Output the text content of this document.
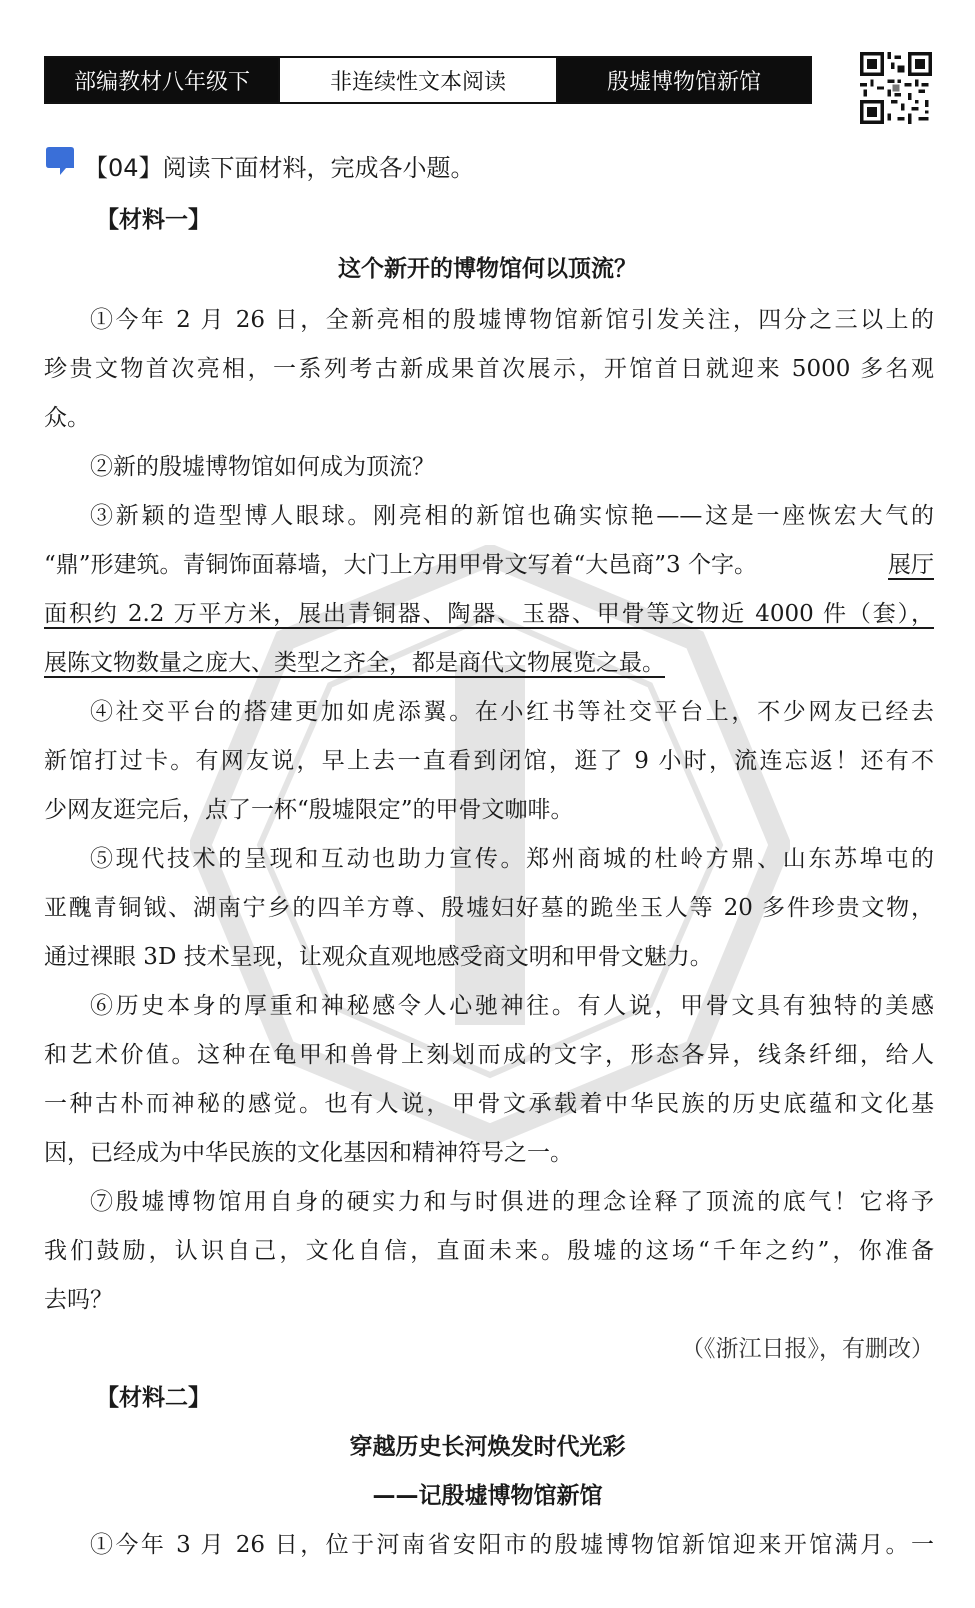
部编教材八年级下	非连续性文本阅读	殷墟博物馆新馆
【04】阅读下面材料，完成各小题。
【材料一】
这个新开的博物馆何以顶流？
①今年 2 月 26 日，全新亮相的殷墟博物馆新馆引发关注，四分之三以上的
珍贵文物首次亮相，一系列考古新成果首次展示，开馆首日就迎来 5000 多名观
众。
②新的殷墟博物馆如何成为顶流？
③新颖的造型博人眼球。刚亮相的新馆也确实惊艳——这是一座恢宏大气的
“鼎”形建筑。青铜饰面幕墙，大门上方用甲骨文写着“大邑商”3 个字。	展厅
面积约 2.2 万平方米，展出青铜器、陶器、玉器、甲骨等文物近 4000 件（套），
展陈文物数量之庞大、类型之齐全，都是商代文物展览之最。
④社交平台的搭建更加如虎添翼。在小红书等社交平台上，不少网友已经去
新馆打过卡。有网友说，早上去一直看到闭馆，逛了 9 小时，流连忘返！还有不
少网友逛完后，点了一杯“殷墟限定”的甲骨文咖啡。
⑤现代技术的呈现和互动也助力宣传。郑州商城的杜岭方鼎、山东苏埠屯的
亚醜青铜钺、湖南宁乡的四羊方尊、殷墟妇好墓的跪坐玉人等 20 多件珍贵文物，
通过裸眼 3D 技术呈现，让观众直观地感受商文明和甲骨文魅力。
⑥历史本身的厚重和神秘感令人心驰神往。有人说，甲骨文具有独特的美感
和艺术价值。这种在龟甲和兽骨上刻划而成的文字，形态各异，线条纤细，给人
一种古朴而神秘的感觉。也有人说，甲骨文承载着中华民族的历史底蕴和文化基
因，已经成为中华民族的文化基因和精神符号之一。
⑦殷墟博物馆用自身的硬实力和与时俱进的理念诠释了顶流的底气！它将予
我们鼓励，认识自己，文化自信，直面未来。殷墟的这场“千年之约”，你准备
去吗？
（《浙江日报》，有删改）
【材料二】
穿越历史长河焕发时代光彩
——记殷墟博物馆新馆
①今年 3 月 26 日，位于河南省安阳市的殷墟博物馆新馆迎来开馆满月。一
